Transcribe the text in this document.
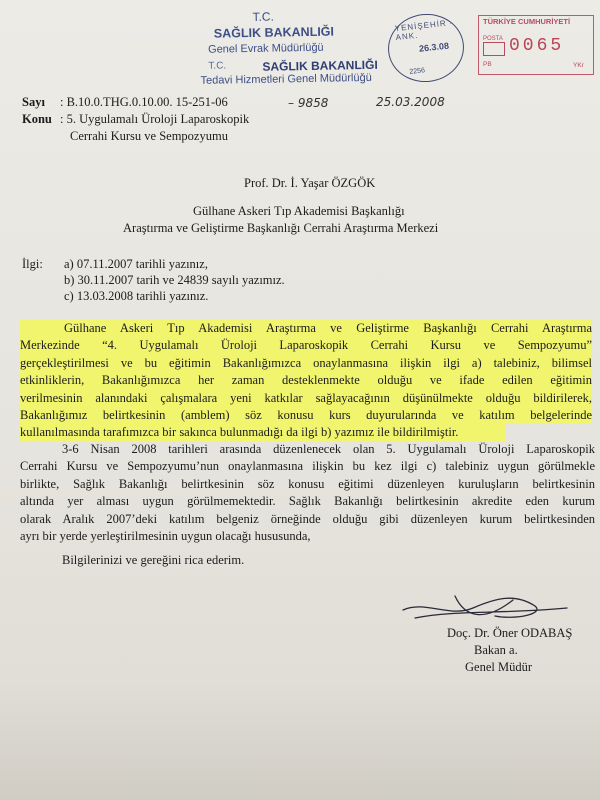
T.C.
SAĞLIK BAKANLIĞI
Genel Evrak Müdürlüğü
T.C.	SAĞLIK BAKANLIĞI
Tedavi Hizmetleri Genel Müdürlüğü
YENİŞEHİR - ANK.
26.3.08
2256
TÜRKİYE CUMHURİYETİ
POSTA 0065
PB	YKr
Sayı : B.10.0.THG.0.10.00. 15-251-06	– 9858	25.03.2008
Konu : 5. Uygulamalı Üroloji Laparoskopik
Cerrahi Kursu ve Sempozyumu
Prof. Dr. İ. Yaşar ÖZGÖK
Gülhane Askeri Tıp Akademisi Başkanlığı
Araştırma ve Geliştirme Başkanlığı Cerrahi Araştırma Merkezi
İlgi: a) 07.11.2007 tarihli yazınız,
b) 30.11.2007 tarih ve 24839 sayılı yazımız.
c) 13.03.2008 tarihli yazınız.
Gülhane Askeri Tıp Akademisi Araştırma ve Geliştirme Başkanlığı Cerrahi Araştırma
Merkezinde “4. Uygulamalı Üroloji Laparoskopik Cerrahi Kursu ve Sempozyumu”
gerçekleştirilmesi ve bu eğitimin Bakanlığımızca onaylanmasına ilişkin ilgi a) talebiniz, bilimsel
etkinliklerin, Bakanlığımızca her zaman desteklenmekte olduğu ve ifade edilen eğitimin
verilmesinin alanındaki çalışmalara yeni katkılar sağlayacağının düşünülmekte olduğu bildirilerek,
Bakanlığımız belirtkesinin (amblem) söz konusu kurs duyurularında ve katılım belgelerinde
kullanılmasında tarafımızca bir sakınca bulunmadığı da ilgi b) yazımız ile bildirilmiştir.
3-6 Nisan 2008 tarihleri arasında düzenlenecek olan 5. Uygulamalı Üroloji Laparoskopik
Cerrahi Kursu ve Sempozyumu’nun onaylanmasına ilişkin bu kez ilgi c) talebiniz uygun görülmekle
birlikte, Sağlık Bakanlığı belirtkesinin söz konusu eğitimi düzenleyen kuruluşların belirtkesinin
altında yer alması uygun görülmemektedir. Sağlık Bakanlığı belirtkesinin akredite eden kurum
olarak Aralık 2007’deki katılım belgeniz örneğinde olduğu gibi düzenleyen kurum belirtkesinden
ayrı bir yerde yerleştirilmesinin uygun olacağı hususunda,
Bilgilerinizi ve gereğini rica ederim.
Doç. Dr. Öner ODABAŞ
Bakan a.
Genel Müdür
